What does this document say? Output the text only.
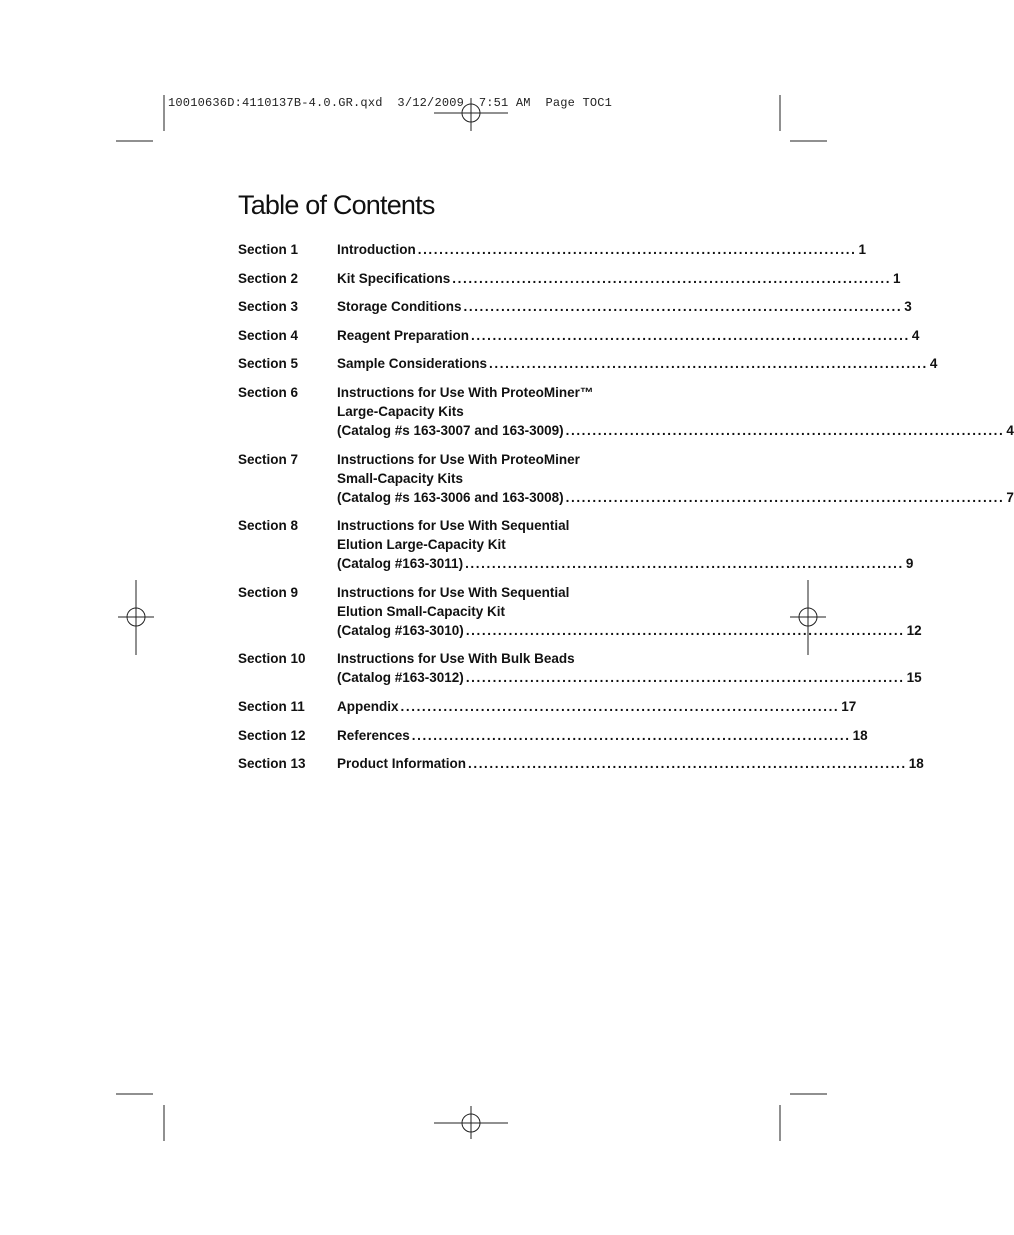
10010636D:4110137B-4.0.GR.qxd  3/12/2009  7:51 AM  Page TOC1
Table of Contents
Section 1	Introduction .................................................................................. 1
Section 2	Kit Specifications .................................................................................. 1
Section 3	Storage Conditions .................................................................................. 3
Section 4	Reagent Preparation .................................................................................. 4
Section 5	Sample Considerations .................................................................................. 4
Section 6	Instructions for Use With ProteoMiner™
Large-Capacity Kits
(Catalog #s 163-3007 and 163-3009) .................................................................................. 4
Section 7	Instructions for Use With ProteoMiner
Small-Capacity Kits
(Catalog #s 163-3006 and 163-3008) .................................................................................. 7
Section 8	Instructions for Use With Sequential
Elution Large-Capacity Kit
(Catalog #163-3011) .................................................................................. 9
Section 9	Instructions for Use With Sequential
Elution Small-Capacity Kit
(Catalog #163-3010) .................................................................................. 12
Section 10	Instructions for Use With Bulk Beads
(Catalog #163-3012) .................................................................................. 15
Section 11	Appendix .................................................................................. 17
Section 12	References .................................................................................. 18
Section 13	Product Information .................................................................................. 18
